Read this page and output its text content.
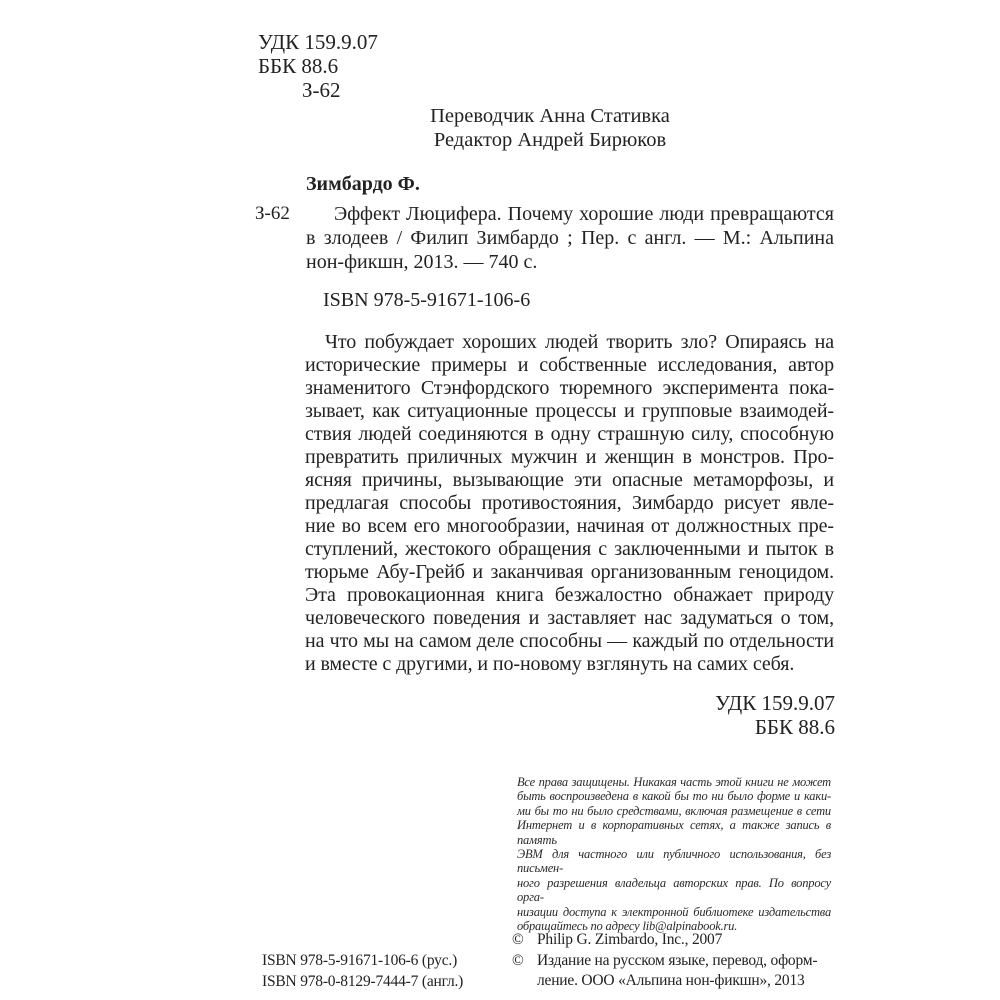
УДК 159.9.07
ББК 88.6
З-62
Переводчик Анна Стативка
Редактор Андрей Бирюков
Зимбардо Ф.
З-62	Эффект Люцифера. Почему хорошие люди превращаются
в злодеев / Филип Зимбардо ; Пер. с англ. — М.: Альпина
нон-фикшн, 2013. — 740 с.
ISBN 978-5-91671-106-6
Что побуждает хороших людей творить зло? Опираясь на
исторические примеры и собственные исследования, автор
знаменитого Стэнфордского тюремного эксперимента пока-
зывает, как ситуационные процессы и групповые взаимодей-
ствия людей соединяются в одну страшную силу, способную
превратить приличных мужчин и женщин в монстров. Про-
ясняя причины, вызывающие эти опасные метаморфозы, и
предлагая способы противостояния, Зимбардо рисует явле-
ние во всем его многообразии, начиная от должностных пре-
ступлений, жестокого обращения с заключенными и пыток в
тюрьме Абу-Грейб и заканчивая организованным геноцидом.
Эта провокационная книга безжалостно обнажает природу
человеческого поведения и заставляет нас задуматься о том,
на что мы на самом деле способны — каждый по отдельности
и вместе с другими, и по-новому взглянуть на самих себя.
УДК 159.9.07
ББК 88.6
Все права защищены. Никакая часть этой книги не может
быть воспроизведена в какой бы то ни было форме и каки-
ми бы то ни было средствами, включая размещение в сети
Интернет и в корпоративных сетях, а также запись в память
ЭВМ для частного или публичного использования, без письмен-
ного разрешения владельца авторских прав. По вопросу орга-
низации доступа к электронной библиотеке издательства
обращайтесь по адресу lib@alpinabook.ru.
ISBN 978-5-91671-106-6 (рус.)
ISBN 978-0-8129-7444-7 (англ.)
© Philip G. Zimbardo, Inc., 2007
© Издание на русском языке, перевод, оформ-
ление. ООО «Альпина нон-фикшн», 2013
